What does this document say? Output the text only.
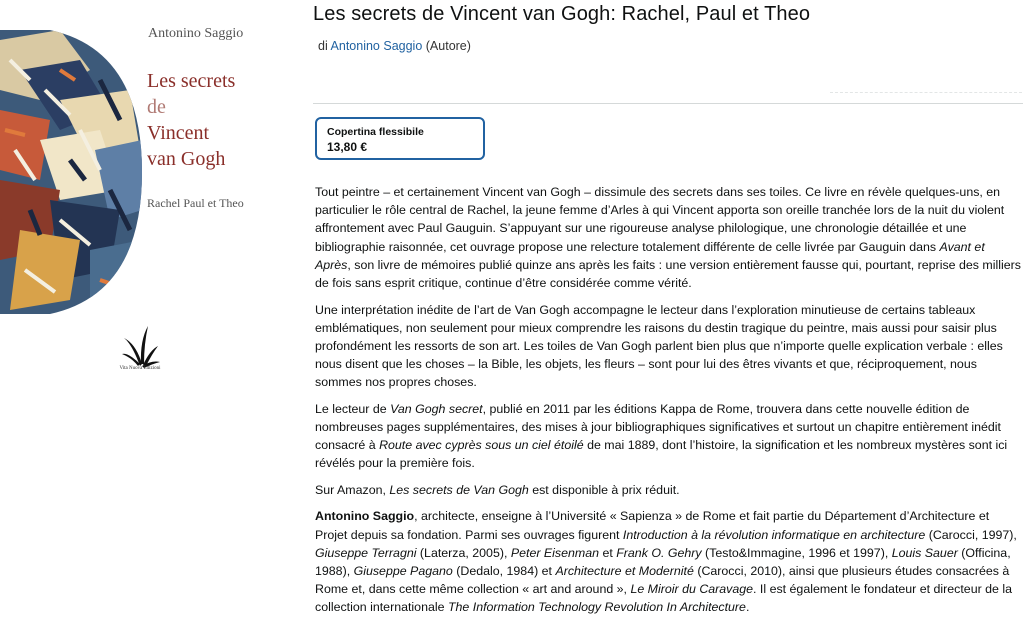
Antonino Saggio
Les secrets
de
Vincent
van Gogh
Rachel Paul et Theo
Vita Nuova Edizioni
Les secrets de Vincent van Gogh: Rachel, Paul et Theo
di Antonino Saggio (Autore)
Copertina flessibile
13,80 €

Tout peintre – et certainement Vincent van Gogh – dissimule des secrets dans ses toiles. Ce livre en révèle quelques-uns, en particulier le rôle central de Rachel, la jeune femme d’Arles à qui Vincent apporta son oreille tranchée lors de la nuit du violent affrontement avec Paul Gauguin. S’appuyant sur une rigoureuse analyse philologique, une chronologie détaillée et une bibliographie raisonnée, cet ouvrage propose une relecture totalement différente de celle livrée par Gauguin dans Avant et Après, son livre de mémoires publié quinze ans après les faits : une version entièrement fausse qui, pourtant, reprise des milliers de fois sans esprit critique, continue d’être considérée comme vérité.

Une interprétation inédite de l’art de Van Gogh accompagne le lecteur dans l’exploration minutieuse de certains tableaux emblématiques, non seulement pour mieux comprendre les raisons du destin tragique du peintre, mais aussi pour saisir plus profondément les ressorts de son art. Les toiles de Van Gogh parlent bien plus que n’importe quelle explication verbale : elles nous disent que les choses – la Bible, les objets, les fleurs – sont pour lui des êtres vivants et que, réciproquement, nous sommes nos propres choses.

Le lecteur de Van Gogh secret, publié en 2011 par les éditions Kappa de Rome, trouvera dans cette nouvelle édition de nombreuses pages supplémentaires, des mises à jour bibliographiques significatives et surtout un chapitre entièrement inédit consacré à Route avec cyprès sous un ciel étoilé de mai 1889, dont l’histoire, la signification et les nombreux mystères sont ici révélés pour la première fois.

Sur Amazon, Les secrets de Van Gogh est disponible à prix réduit.

Antonino Saggio, architecte, enseigne à l’Université « Sapienza » de Rome et fait partie du Département d’Architecture et Projet depuis sa fondation. Parmi ses ouvrages figurent Introduction à la révolution informatique en architecture (Carocci, 1997), Giuseppe Terragni (Laterza, 2005), Peter Eisenman et Frank O. Gehry (Testo&Immagine, 1996 et 1997), Louis Sauer (Officina, 1988), Giuseppe Pagano (Dedalo, 1984) et Architecture et Modernité (Carocci, 2010), ainsi que plusieurs études consacrées à Rome et, dans cette même collection « art and around », Le Miroir du Caravage. Il est également le fondateur et directeur de la collection internationale The Information Technology Revolution In Architecture.
